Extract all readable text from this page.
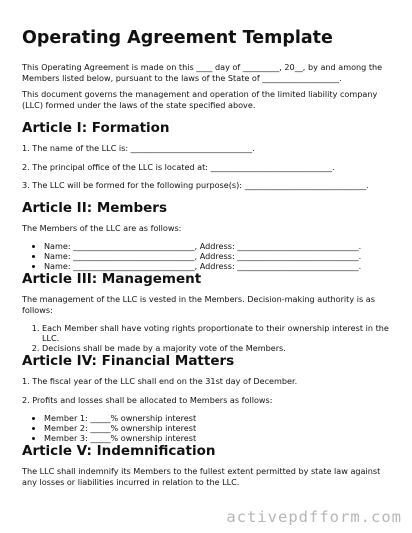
Operating Agreement Template

This Operating Agreement is made on this ____ day of _________, 20__, by and among the Members listed below, pursuant to the laws of the State of ___________________.

This document governs the management and operation of the limited liability company (LLC) formed under the laws of the state specified above.

Article I: Formation

1. The name of the LLC is: ______________________________.

2. The principal office of the LLC is located at: ______________________________.

3. The LLC will be formed for the following purpose(s): ______________________________.

Article II: Members

The Members of the LLC are as follows:

• Name: ______________________________, Address: ______________________________.
• Name: ______________________________, Address: ______________________________.
• Name: ______________________________, Address: ______________________________.
Article III: Management

The management of the LLC is vested in the Members. Decision-making authority is as follows:

1. Each Member shall have voting rights proportionate to their ownership interest in the LLC.
2. Decisions shall be made by a majority vote of the Members.
Article IV: Financial Matters

1. The fiscal year of the LLC shall end on the 31st day of December.

2. Profits and losses shall be allocated to Members as follows:

• Member 1: _____% ownership interest
• Member 2: _____% ownership interest
• Member 3: _____% ownership interest
Article V: Indemnification

The LLC shall indemnify its Members to the fullest extent permitted by state law against any losses or liabilities incurred in relation to the LLC.

activepdfform.com
